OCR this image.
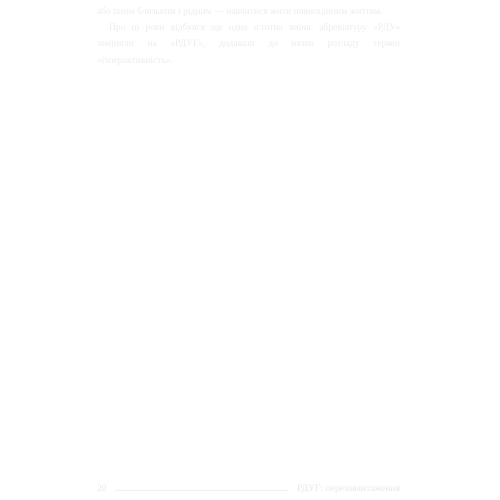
або їхнім близьким і рідним — навчитися жити повноцінним життям.

Про ці роки відбувся ще одна істотна зміна: абревіатуру «РДУ» замінили на «РДУГ», додавши до назви розладу термін «гіперактивність».

20	РДУГ: перезавантаження
